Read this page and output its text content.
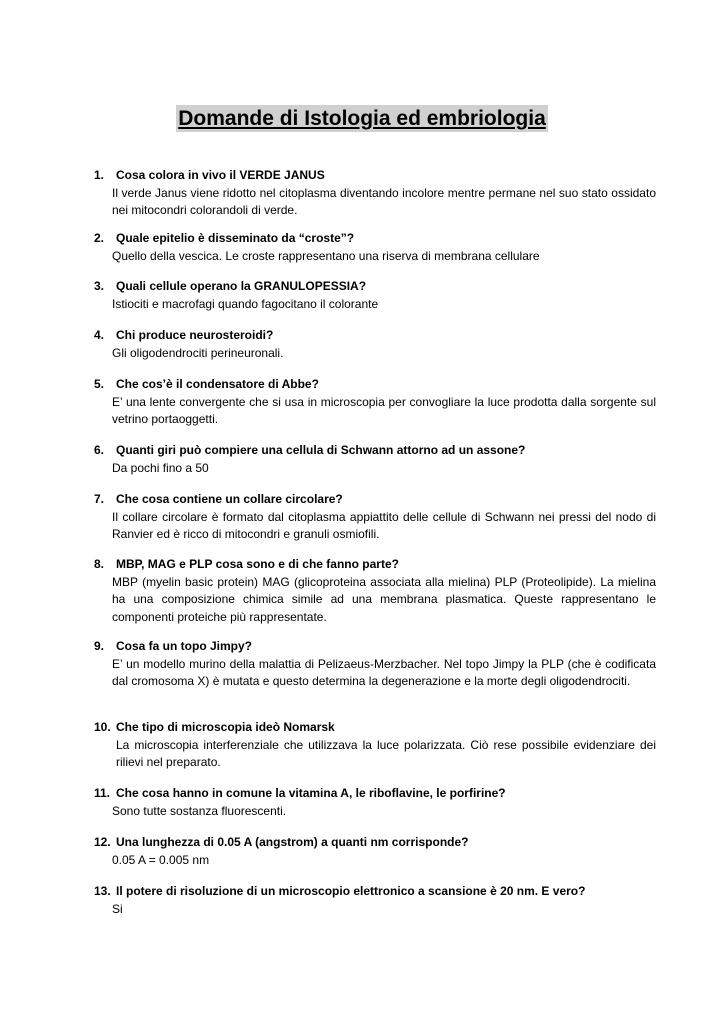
Domande di Istologia ed embriologia
1. Cosa colora in vivo il VERDE JANUS
Il verde Janus viene ridotto nel citoplasma diventando incolore mentre permane nel suo stato ossidato nei mitocondri colorandoli di verde.
2. Quale epitelio è disseminato da “croste”?
Quello della vescica. Le croste rappresentano una riserva di membrana cellulare
3. Quali cellule operano la GRANULOPESSIA?
Istiociti e macrofagi quando fagocitano il colorante
4. Chi produce neurosteroidi?
Gli oligodendrociti perineuronali.
5. Che cos’è il condensatore di Abbe?
E’ una lente convergente che si usa in microscopia per convogliare la luce prodotta dalla sorgente sul vetrino portaoggetti.
6. Quanti giri può compiere una cellula di Schwann attorno ad un assone?
Da pochi fino a 50
7. Che cosa contiene un collare circolare?
Il collare circolare è formato dal citoplasma appiattito delle cellule di Schwann nei pressi del nodo di Ranvier ed è ricco di mitocondri e granuli osmiofili.
8. MBP, MAG e PLP cosa sono e di che fanno parte?
MBP (myelin basic protein) MAG (glicoproteina associata alla mielina) PLP (Proteolipide). La mielina ha una composizione chimica simile ad una membrana plasmatica. Queste rappresentano le componenti proteiche più rappresentate.
9. Cosa fa un topo Jimpy?
E’ un modello murino della malattia di Pelizaeus-Merzbacher. Nel topo Jimpy la PLP (che è codificata dal cromosoma X) è mutata e questo determina la degenerazione e la morte degli oligodendrociti.
10. Che tipo di microscopia ideò Nomarsk
La microscopia interferenziale che utilizzava la luce polarizzata. Ciò rese possibile evidenziare dei rilievi nel preparato.
11. Che cosa hanno in comune la vitamina A, le riboflavine, le porfirine?
Sono tutte sostanza fluorescenti.
12. Una lunghezza di 0.05 A (angstrom) a quanti nm corrisponde?
0.05 A = 0.005 nm
13. Il potere di risoluzione di un microscopio elettronico a scansione è 20 nm. E vero?
Si
